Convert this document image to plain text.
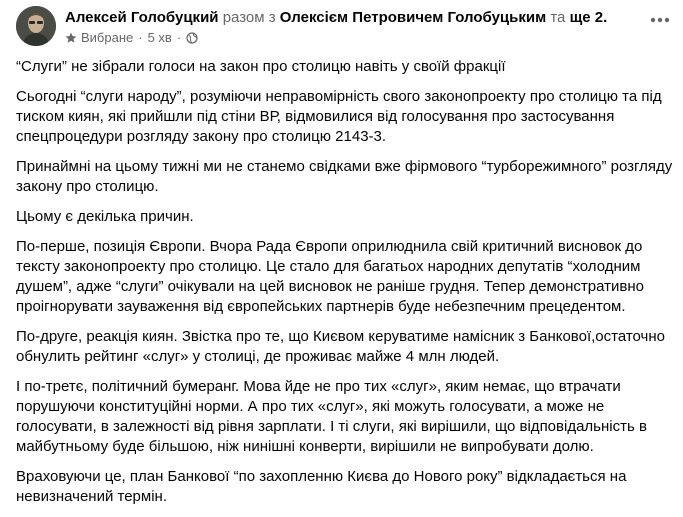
Алексей Голобуцкий разом з Олексієм Петровичем Голобуцьким та ще 2.
Вибране · 5 хв ·

“Слуги” не зібрали голоси на закон про столицю навіть у своїй фракції

Сьогодні “слуги народу”, розуміючи неправомірність свого законопроекту про столицю та під тиском киян, які прийшли під стіни ВР, відмовилися від голосування про застосування спецпроцедури розгляду закону про столицю 2143-3.

Принаймні на цьому тижні ми не станемо свідками вже фірмового “турборежимного” розгляду закону про столицю.

Цьому є декілька причин.

По-перше, позиція Європи. Вчора Рада Європи оприлюднила свій критичний висновок до тексту законопроекту про столицю. Це стало для багатьох народних депутатів “холодним душем”, адже “слуги” очікували на цей висновок не раніше грудня. Тепер демонстративно проігнорувати зауваження від європейських партнерів буде небезпечним прецедентом.

По-друге, реакція киян. Звістка про те, що Києвом керуватиме намісник з Банкової,остаточно обнулить рейтинг «слуг» у столиці, де проживає майже 4 млн людей.

І по-третє, політичний бумеранг. Мова йде не про тих «слуг», яким немає, що втрачати порушуючи конституційні норми. А про тих «слуг», які можуть голосувати, а може не голосувати, в залежності від рівня зарплати. І ті слуги, які вирішили, що відповідальність в майбутньому буде більшою, ніж нинішні конверти, вирішили не випробувати долю.

Враховуючи це, план Банкової “по захопленню Києва до Нового року” відкладається на невизначений термін.
